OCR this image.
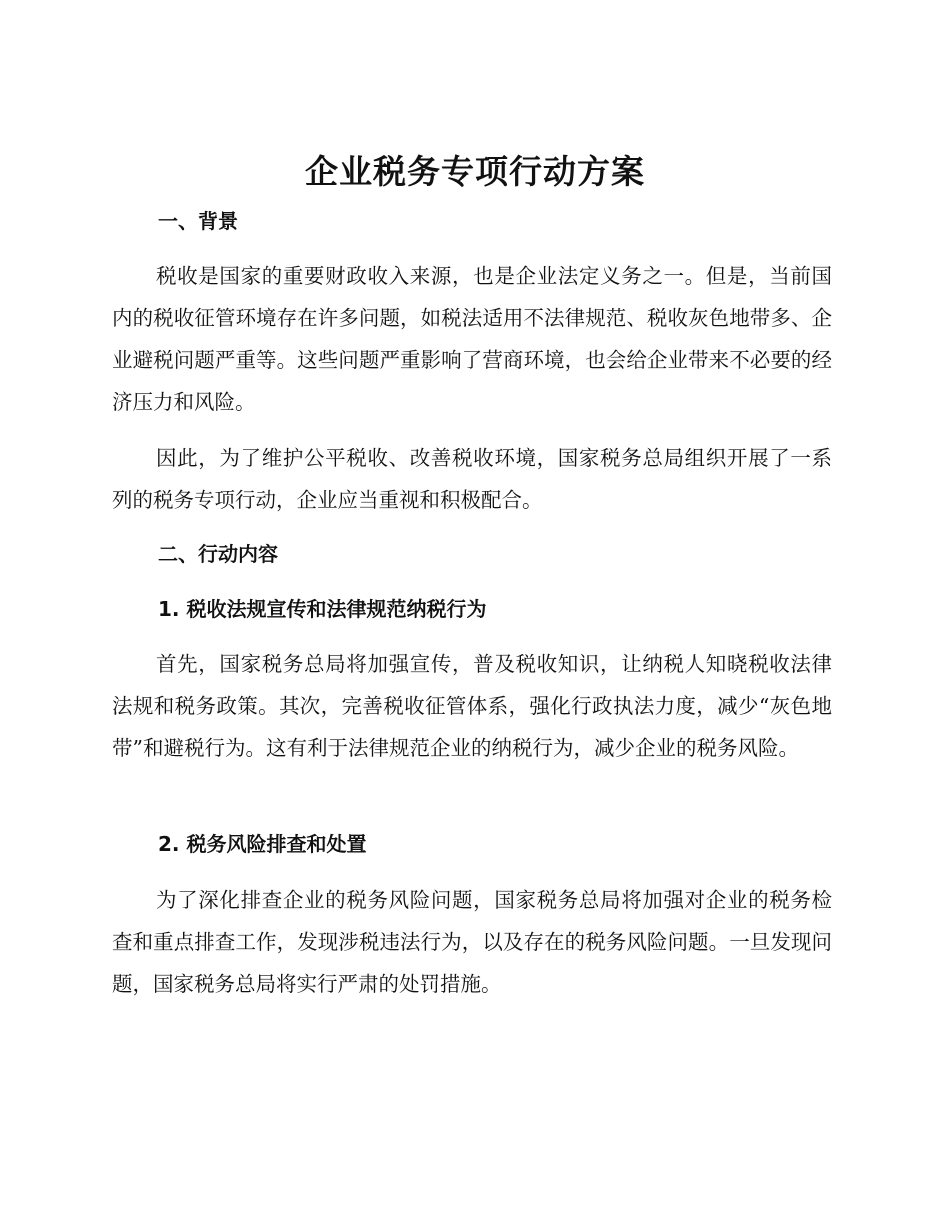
企业税务专项行动方案
一、背景
税收是国家的重要财政收入来源，也是企业法定义务之一。但是，当前国内的税收征管环境存在许多问题，如税法适用不法律规范、税收灰色地带多、企业避税问题严重等。这些问题严重影响了营商环境，也会给企业带来不必要的经济压力和风险。
因此，为了维护公平税收、改善税收环境，国家税务总局组织开展了一系列的税务专项行动，企业应当重视和积极配合。
二、行动内容
1. 税收法规宣传和法律规范纳税行为
首先，国家税务总局将加强宣传，普及税收知识，让纳税人知晓税收法律法规和税务政策。其次，完善税收征管体系，强化行政执法力度，减少“灰色地带”和避税行为。这有利于法律规范企业的纳税行为，减少企业的税务风险。
2. 税务风险排查和处置
为了深化排查企业的税务风险问题，国家税务总局将加强对企业的税务检查和重点排查工作，发现涉税违法行为，以及存在的税务风险问题。一旦发现问题，国家税务总局将实行严肃的处罚措施。
